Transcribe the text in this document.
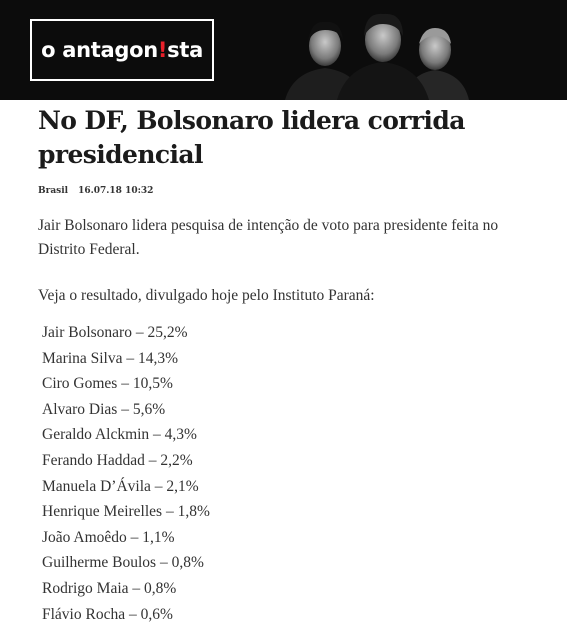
o antagon!sta
No DF, Bolsonaro lidera corrida presidencial
Brasil 16.07.18 10:32

Jair Bolsonaro lidera pesquisa de intenção de voto para presidente feita no Distrito Federal.

Veja o resultado, divulgado hoje pelo Instituto Paraná:

Jair Bolsonaro – 25,2%
Marina Silva – 14,3%
Ciro Gomes – 10,5%
Alvaro Dias – 5,6%
Geraldo Alckmin – 4,3%
Ferando Haddad – 2,2%
Manuela D’Ávila – 2,1%
Henrique Meirelles – 1,8%
João Amoêdo – 1,1%
Guilherme Boulos – 0,8%
Rodrigo Maia – 0,8%
Flávio Rocha – 0,6%
